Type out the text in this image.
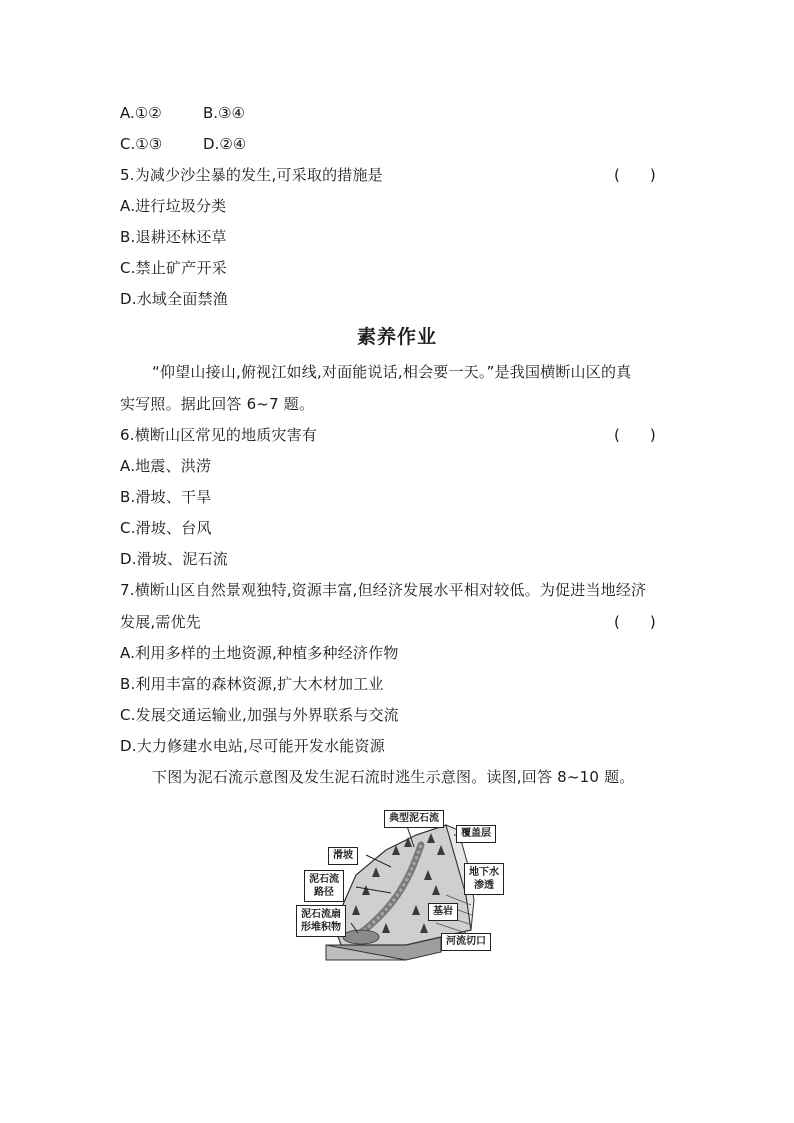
A.①②	B.③④
C.①③	D.②④
5.为减少沙尘暴的发生,可采取的措施是	(　　)
A.进行垃圾分类
B.退耕还林还草
C.禁止矿产开采
D.水域全面禁渔
素养作业
“仰望山接山,俯视江如线,对面能说话,相会要一天。”是我国横断山区的真
实写照。据此回答 6~7 题。
6.横断山区常见的地质灾害有	(　　)
A.地震、洪涝
B.滑坡、干旱
C.滑坡、台风
D.滑坡、泥石流
7.横断山区自然景观独特,资源丰富,但经济发展水平相对较低。为促进当地经济
发展,需优先	(　　)
A.利用多样的土地资源,种植多种经济作物
B.利用丰富的森林资源,扩大木材加工业
C.发展交通运输业,加强与外界联系与交流
D.大力修建水电站,尽可能开发水能资源
下图为泥石流示意图及发生泥石流时逃生示意图。读图,回答 8~10 题。
典型泥石流
覆盖层
滑坡
地下水
渗透
泥石流
路径
基岩
泥石流扇
形堆积物
河流切口
